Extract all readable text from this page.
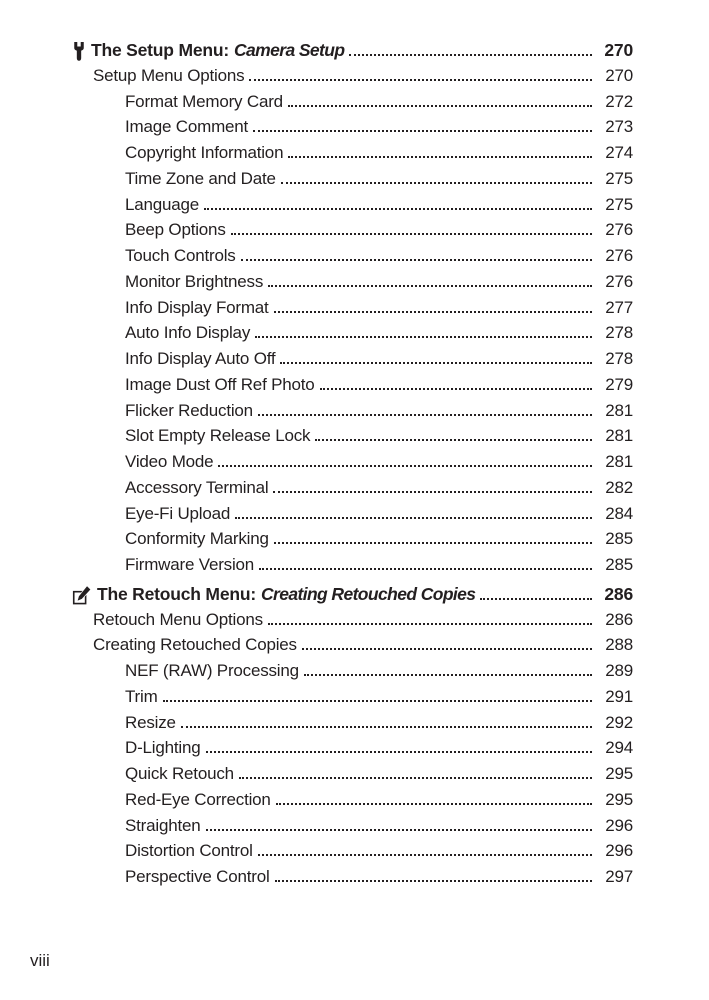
The Setup Menu: Camera Setup	270
Setup Menu Options	270
Format Memory Card	272
Image Comment	273
Copyright Information	274
Time Zone and Date	275
Language	275
Beep Options	276
Touch Controls	276
Monitor Brightness	276
Info Display Format	277
Auto Info Display	278
Info Display Auto Off	278
Image Dust Off Ref Photo	279
Flicker Reduction	281
Slot Empty Release Lock	281
Video Mode	281
Accessory Terminal	282
Eye-Fi Upload	284
Conformity Marking	285
Firmware Version	285
The Retouch Menu: Creating Retouched Copies	286
Retouch Menu Options	286
Creating Retouched Copies	288
NEF (RAW) Processing	289
Trim	291
Resize	292
D-Lighting	294
Quick Retouch	295
Red-Eye Correction	295
Straighten	296
Distortion Control	296
Perspective Control	297
viii
